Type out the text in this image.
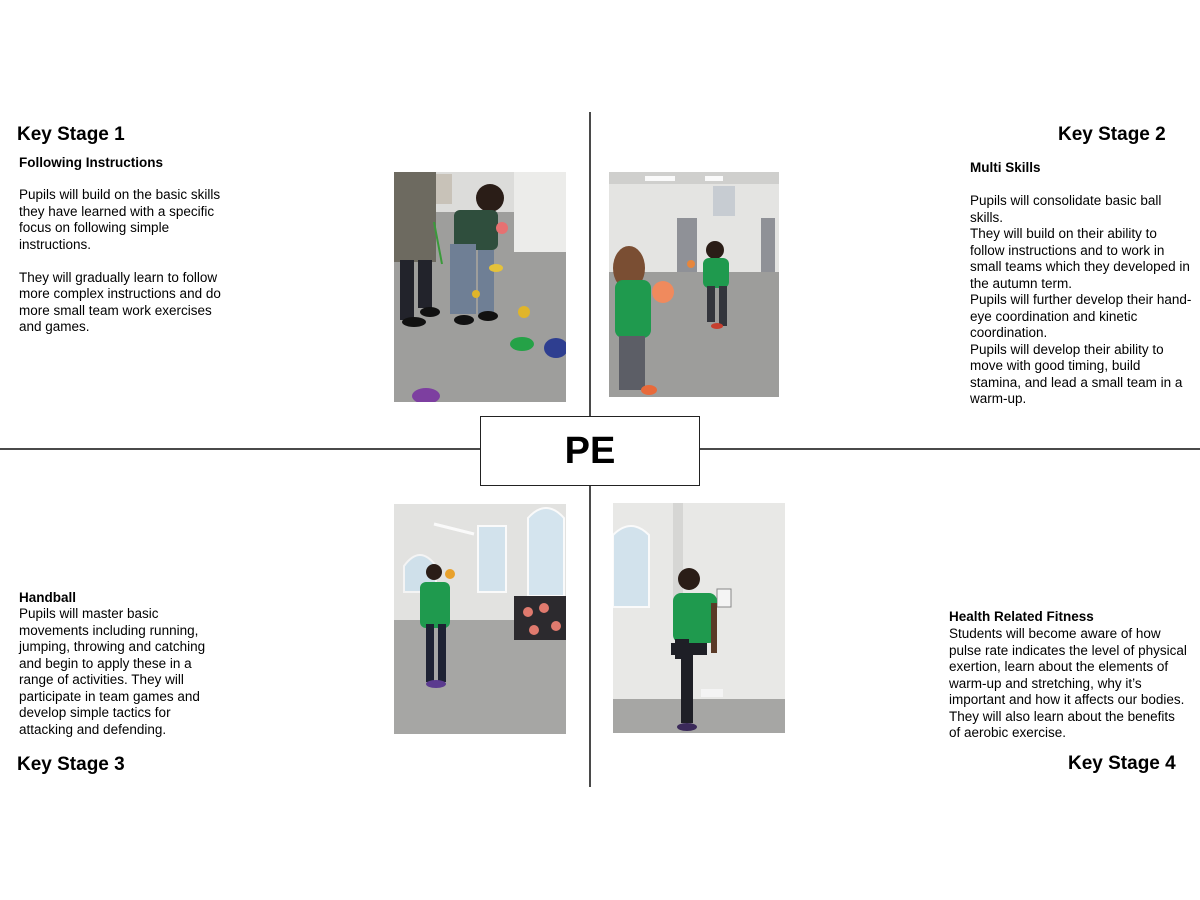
PE
Key Stage 1
Following Instructions

Pupils will build on the basic skills they have learned with a specific focus on following simple instructions.

They will gradually learn to follow more complex instructions and do more small team work exercises and games.

Key Stage 2
Multi Skills

Pupils will consolidate basic ball skills.

They will build on their ability to follow instructions and to work in small teams which they developed in the autumn term.

Pupils will further develop their hand-eye coordination and kinetic coordination.

Pupils will develop their ability to move with good timing, build stamina, and lead a small team in a warm-up.

Handball
Pupils will master basic movements including running, jumping, throwing and catching and begin to apply these in a range of activities. They will participate in team games and develop simple tactics for attacking and defending.
Key Stage 3
Health Related Fitness
Students will become aware of how pulse rate indicates the level of physical exertion, learn about the elements of warm-up and stretching, why it’s important and how it affects our bodies. They will also learn about the benefits of aerobic exercise.
Key Stage 4
